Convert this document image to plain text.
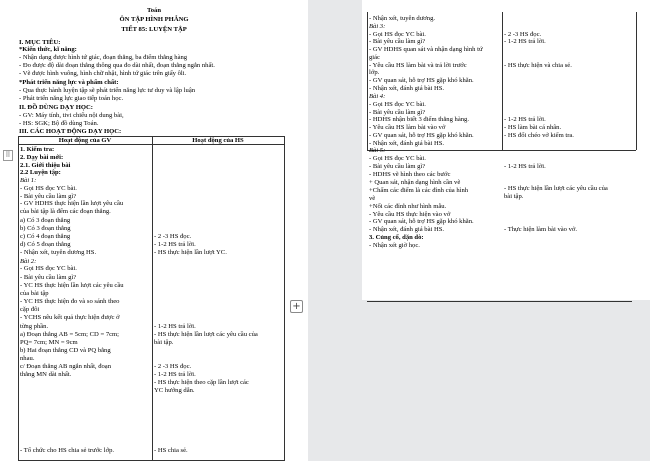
Toán
ÔN TẬP HÌNH PHẲNG
TIẾT 85: LUYỆN TẬP
I. MỤC TIÊU:
*Kiến thức, kĩ năng:
- Nhận dạng được hình tứ giác, đoạn thẳng, ba điểm thẳng hàng
- Đo được độ dài đoạn thẳng thông qua đo dài nhất, đoạn thẳng ngắn nhất.
- Vẽ được hình vuông, hình chữ nhật, hình tứ giác trên giấy ôli.
*Phát triển năng lực và phẩm chất:
- Qua thực hành luyện tập sẽ phát triển năng lực tư duy và lập luận
- Phát triển năng lực giao tiếp toán học.
II. ĐỒ DÙNG DẠY HỌC:
- GV: Máy tính, tivi chiếu nội dung bài,
- HS: SGK; Bộ đồ dùng Toán.
III. CÁC HOẠT ĐỘNG DẠY HỌC:
Hoạt động của GV	Hoạt động của HS
1. Kiểm tra:
2. Dạy bài mới:
2.1. Giới thiệu bài
2.2 Luyện tập:
Bài 1:
- Gọi HS đọc YC bài.
- Bài yêu cầu làm gì?
- GV HDHS thực hiện lần lượt yêu cầu
của bài tập là đếm các đoạn thẳng.
a) Có 3 đoạn thẳng
b) Có 3 đoạn thẳng
c) Có 4 đoạn thẳng
d) Có 5 đoạn thẳng
- Nhận xét, tuyên dương HS.
Bài 2:
- Gọi HS đọc YC bài.
- Bài yêu cầu làm gì?
- YC HS thực hiện lần lượt các yêu cầu
của bài tập
- YC HS thực hiện đo và so sánh theo
cặp đôi
- YCHS nêu kết quả thực hiện được ở
từng phần.
a) Đoạn thẳng AB = 5cm; CD = 7cm;
PQ= 7cm; MN = 9cm
b) Hai đoạn thẳng CD và PQ bằng
nhau.
c/ Đoạn thẳng AB ngắn nhất, đoạn
thẳng MN dài nhất.
- Tổ chức cho HS chia sẻ trước lớp.
- 2 -3 HS đọc.
- 1-2 HS trả lời.
- HS thực hiện lần lượt YC.
- 1-2 HS trả lời.
- HS thực hiện lần lượt các yêu cầu của
bài tập.
- 2 -3 HS đọc.
- 1-2 HS trả lời.
- HS thực hiện theo cặp lần lượt các
YC hướng dẫn.
- HS chia sẻ.
⠿
+
- Nhận xét, tuyên dương.
Bài 3:
- Gọi HS đọc YC bài.
- Bài yêu cầu làm gì?
- GV HDHS quan sát và nhận dạng hình tứ
giác
- Yêu cầu HS làm bài và trả lời trước
lớp.
- GV quan sát, hỗ trợ HS gặp khó khăn.
- Nhận xét, đánh giá bài HS.
Bài 4:
- Gọi HS đọc YC bài.
- Bài yêu cầu làm gì?
- HDHS nhận biết 3 điểm thẳng hàng.
- Yêu cầu HS làm bài vào vở
- GV quan sát, hỗ trợ HS gặp khó khăn.
- Nhận xét, đánh giá bài HS.
Bài 5:
- Gọi HS đọc YC bài.
- Bài yêu cầu làm gì?
- HDHS vẽ hình theo các bước
+ Quan sát, nhận dạng hình cần vẽ
+Chấm các điểm là các đỉnh của hình
vẽ
+Nối các đỉnh như hình mẫu.
- Yêu cầu HS thực hiện vào vở
- GV quan sát, hỗ trợ HS gặp khó khăn.
- Nhận xét, đánh giá bài HS.
3. Củng cố, dặn dò:
- Nhận xét giờ học.
- 2 -3 HS đọc.
- 1-2 HS trả lời.
- HS thực hiện và chia sẻ.
- 1-2 HS trả lời.
- HS làm bài cá nhân.
- HS đổi chéo vở kiểm tra.
- 1-2 HS trả lời.
- HS thực hiện lần lượt các yêu cầu của
bài tập.
- Thực hiện làm bài vào vở.
